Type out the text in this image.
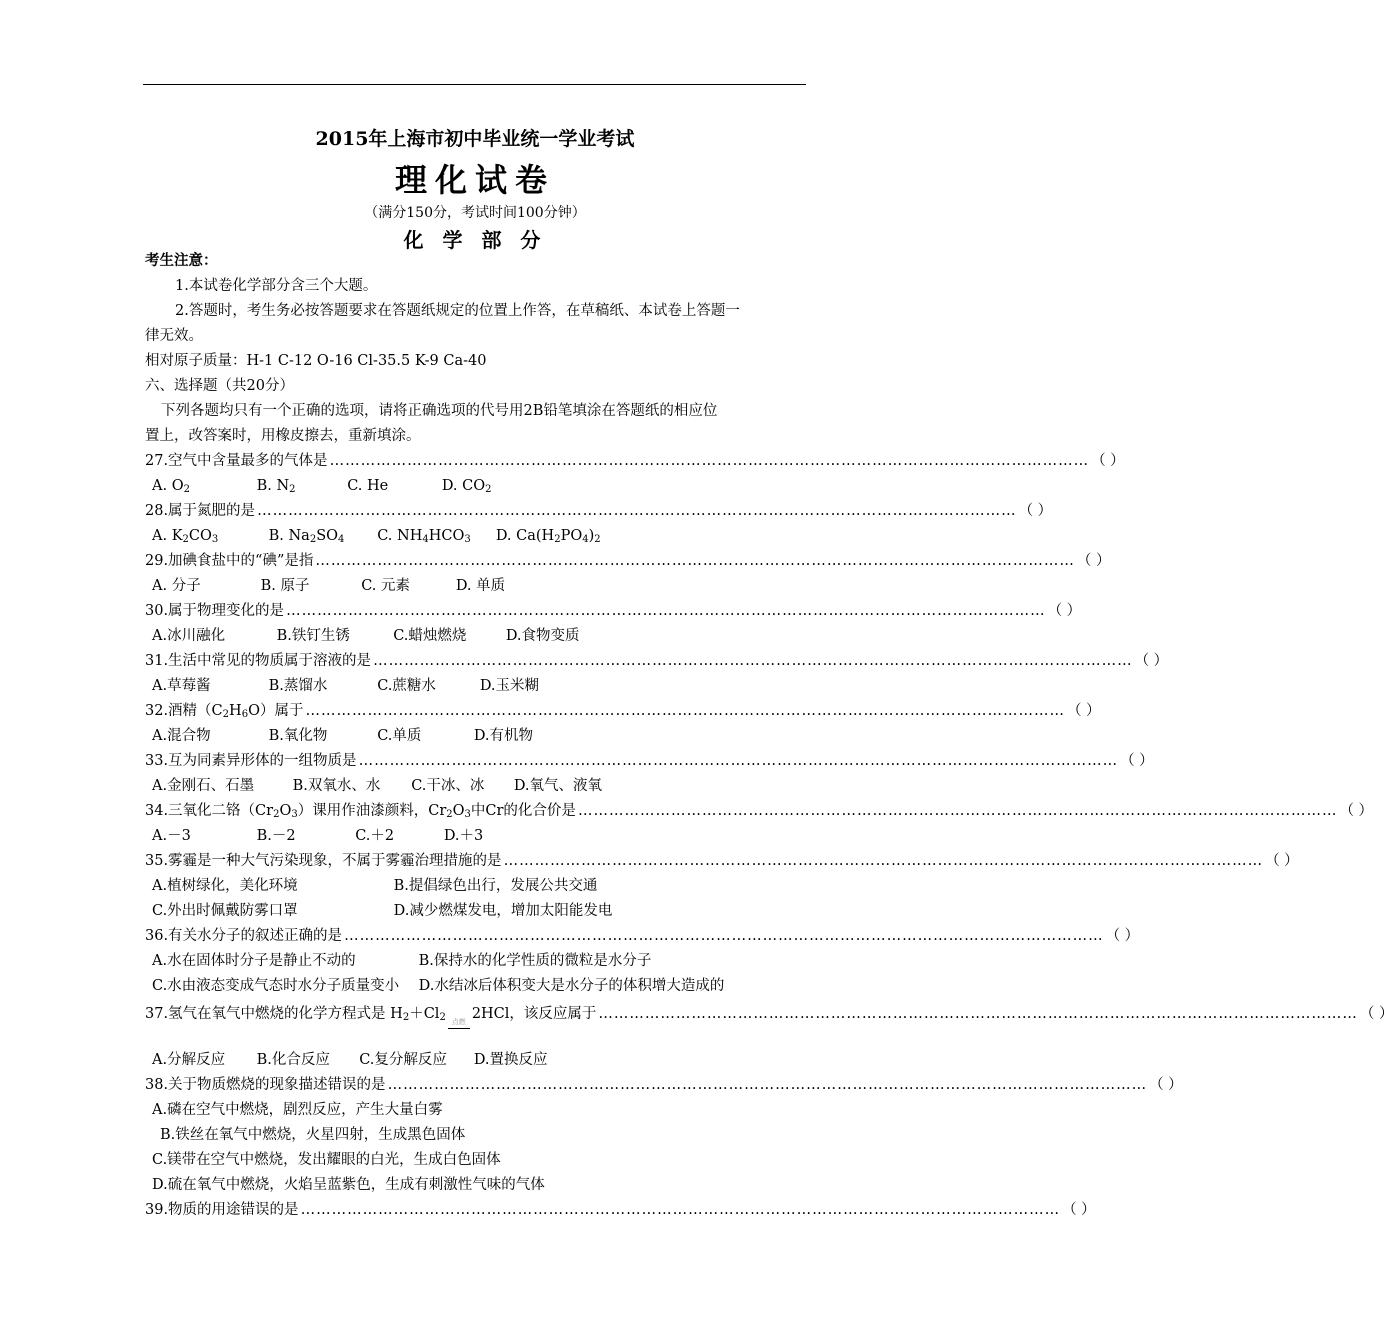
2015年上海市初中毕业统一学业考试
理化试卷
（满分150分，考试时间100分钟）
化 学 部 分
考生注意：
1.本试卷化学部分含三个大题。
2.答题时，考生务必按答题要求在答题纸规定的位置上作答，在草稿纸、本试卷上答题一
律无效。
相对原子质量：H-1 C-12 O-16 Cl-35.5 K-9 Ca-40
六、选择题（共20分）
下列各题均只有一个正确的选项，请将正确选项的代号用2B铅笔填涂在答题纸的相应位
置上，改答案时，用橡皮擦去，重新填涂。
27.空气中含量最多的气体是 ………………………………………………………………………………………………………………………………… （ ）
A. $O_2$	B. $N_2$	C. He	D. $CO_2$
28.属于氮肥的是 ………………………………………………………………………………………………………………………………… （ ）
A. $K_2CO_3$	B. $Na_2SO_4$ C. $NH_4HCO_3$ D. $Ca(H_2PO_4)_2$
29.加碘食盐中的“碘”是指 ………………………………………………………………………………………………………………………………… （ ）
A. 分子	B. 原子	C. 元素	D. 单质
30.属于物理变化的是 ………………………………………………………………………………………………………………………………… （ ）
A.冰川融化	B.铁钉生锈	C.蜡烛燃烧	D.食物变质
31.生活中常见的物质属于溶液的是 ………………………………………………………………………………………………………………………………… （ ）
A.草莓酱	B.蒸馏水	C.蔗糖水	D.玉米糊
32.酒精$(C_2H_6O)$属于 ………………………………………………………………………………………………………………………………… （ ）
A.混合物	B.氧化物	C.单质	D.有机物
33.互为同素异形体的一组物质是 ………………………………………………………………………………………………………………………………… （ ）
A.金刚石、石墨	B.双氧水、水 C.干冰、冰 D.氧气、液氧
34.三氧化二铬$(Cr_2O_3)$课用作油漆颜料，$Cr_2O_3$中Cr的化合价是 ………………………………………………………………………………………………………………………………… （ ）
A.－3	B.－2	C.＋2	D.＋3
35.雾霾是一种大气污染现象，不属于雾霾治理措施的是 ………………………………………………………………………………………………………………………………… （ ）
A.植树绿化，美化环境	B.提倡绿色出行，发展公共交通
C.外出时佩戴防雾口罩	D.减少燃煤发电，增加太阳能发电
36.有关水分子的叙述正确的是 ………………………………………………………………………………………………………………………………… （ ）
A.水在固体时分子是静止不动的	B.保持水的化学性质的微粒是水分子
C.水由液态变成气态时水分子质量变小 D.水结冰后体积变大是水分子的体积增大造成的
37.氢气在氧气中燃烧的化学方程式是 $H_2+Cl_2$ 点燃 2HCl，该反应属于 ………………………………………………………………………………………………………………………………… （ ）
A.分解反应 B.化合反应 C.复分解反应 D.置换反应
38.关于物质燃烧的现象描述错误的是 ………………………………………………………………………………………………………………………………… （ ）
A.磷在空气中燃烧，剧烈反应，产生大量白雾
B.铁丝在氧气中燃烧，火星四射，生成黑色固体
C.镁带在空气中燃烧，发出耀眼的白光，生成白色固体
D.硫在氧气中燃烧，火焰呈蓝紫色，生成有刺激性气味的气体
39.物质的用途错误的是 ………………………………………………………………………………………………………………………………… （ ）
